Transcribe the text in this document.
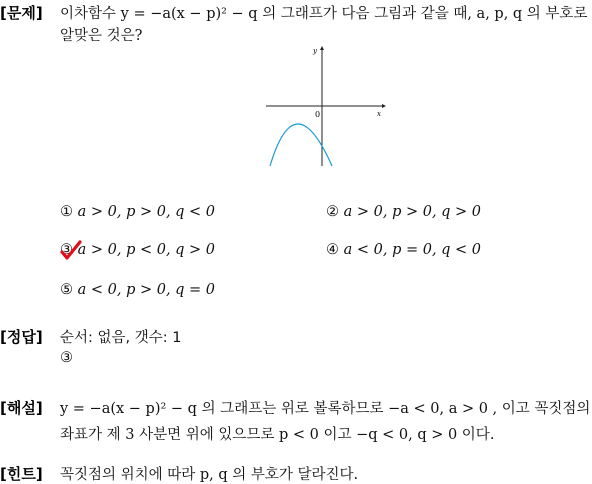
[문제] 이차함수 y = −a(x − p)² − q 의 그래프가 다음 그림과 같을 때, a, p, q 의 부호로
알맞은 것은?
y
x
0
① a > 0, p > 0, q < 0	② a > 0, p > 0, q > 0
③ a > 0, p < 0, q > 0	④ a < 0, p = 0, q < 0
⑤ a < 0, p > 0, q = 0
[정답] 순서: 없음, 갯수: 1
③
[해설] y = −a(x − p)² − q 의 그래프는 위로 볼록하므로 −a < 0, a > 0 , 이고 꼭짓점의
좌표가 제 3 사분면 위에 있으므로 p < 0 이고 −q < 0, q > 0 이다.
[힌트] 꼭짓점의 위치에 따라 p, q 의 부호가 달라진다.
